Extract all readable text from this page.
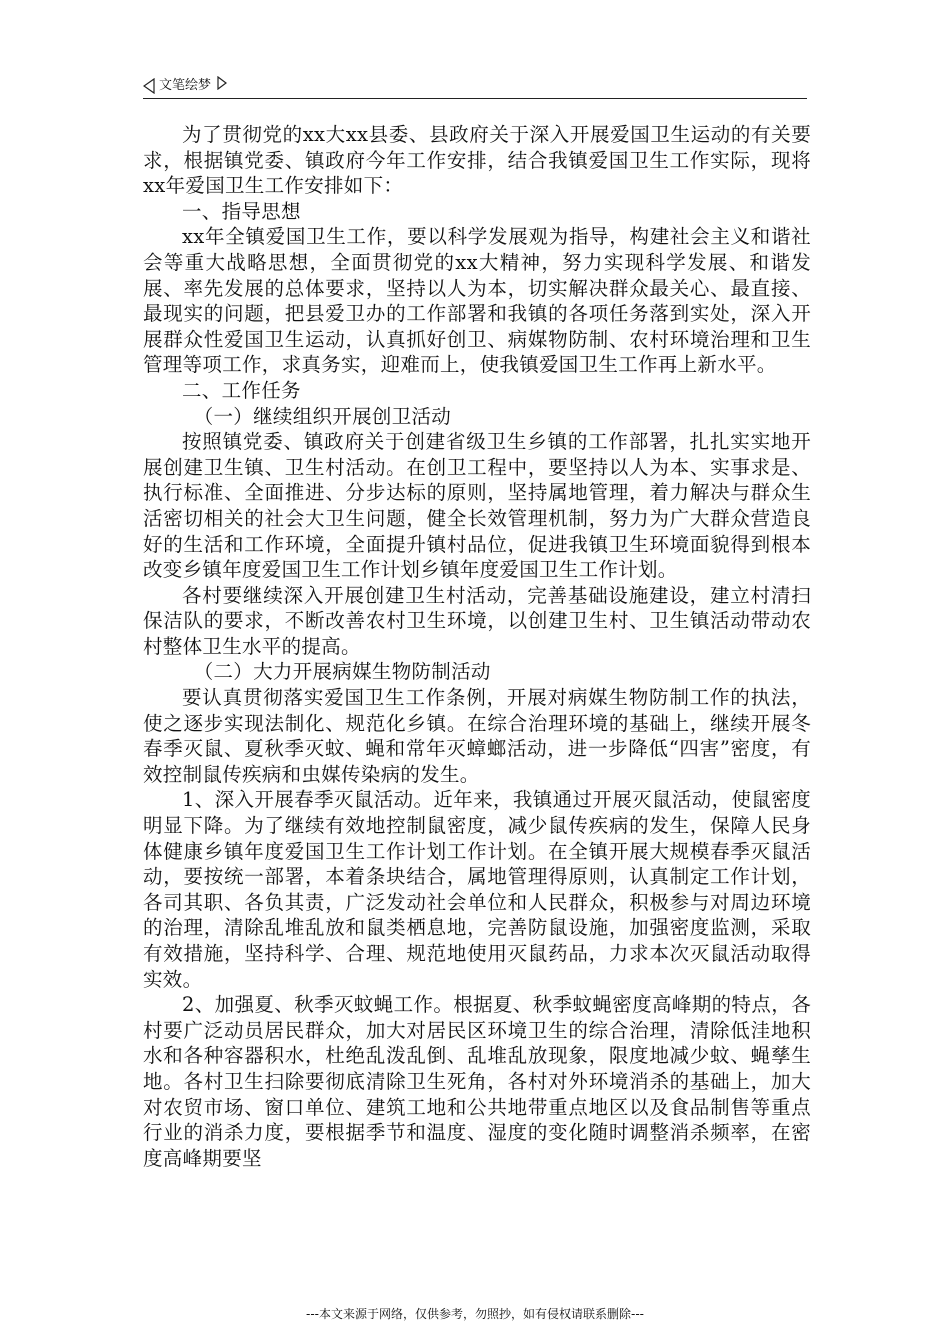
文笔绘梦

为了贯彻党的xx大xx县委、县政府关于深入开展爱国卫生运动的有关要求，根据镇党委、镇政府今年工作安排，结合我镇爱国卫生工作实际，现将xx年爱国卫生工作安排如下：

一、指导思想

xx年全镇爱国卫生工作，要以科学发展观为指导，构建社会主义和谐社会等重大战略思想，全面贯彻党的xx大精神，努力实现科学发展、和谐发展、率先发展的总体要求，坚持以人为本，切实解决群众最关心、最直接、最现实的问题，把县爱卫办的工作部署和我镇的各项任务落到实处，深入开展群众性爱国卫生运动，认真抓好创卫、病媒物防制、农村环境治理和卫生管理等项工作，求真务实，迎难而上，使我镇爱国卫生工作再上新水平。

二、工作任务

（一）继续组织开展创卫活动

按照镇党委、镇政府关于创建省级卫生乡镇的工作部署，扎扎实实地开展创建卫生镇、卫生村活动。在创卫工程中，要坚持以人为本、实事求是、执行标准、全面推进、分步达标的原则，坚持属地管理，着力解决与群众生活密切相关的社会大卫生问题，健全长效管理机制，努力为广大群众营造良好的生活和工作环境，全面提升镇村品位，促进我镇卫生环境面貌得到根本改变乡镇年度爱国卫生工作计划乡镇年度爱国卫生工作计划。

各村要继续深入开展创建卫生村活动，完善基础设施建设，建立村清扫保洁队的要求，不断改善农村卫生环境，以创建卫生村、卫生镇活动带动农村整体卫生水平的提高。

（二）大力开展病媒生物防制活动

要认真贯彻落实爱国卫生工作条例，开展对病媒生物防制工作的执法，使之逐步实现法制化、规范化乡镇。在综合治理环境的基础上，继续开展冬春季灭鼠、夏秋季灭蚊、蝇和常年灭蟑螂活动，进一步降低“四害”密度，有效控制鼠传疾病和虫媒传染病的发生。

1、深入开展春季灭鼠活动。近年来，我镇通过开展灭鼠活动，使鼠密度明显下降。为了继续有效地控制鼠密度，减少鼠传疾病的发生，保障人民身体健康乡镇年度爱国卫生工作计划工作计划。在全镇开展大规模春季灭鼠活动，要按统一部署，本着条块结合，属地管理得原则，认真制定工作计划，各司其职、各负其责，广泛发动社会单位和人民群众，积极参与对周边环境的治理，清除乱堆乱放和鼠类栖息地，完善防鼠设施，加强密度监测，采取有效措施，坚持科学、合理、规范地使用灭鼠药品，力求本次灭鼠活动取得实效。

2、加强夏、秋季灭蚊蝇工作。根据夏、秋季蚊蝇密度高峰期的特点，各村要广泛动员居民群众，加大对居民区环境卫生的综合治理，清除低洼地积水和各种容器积水，杜绝乱泼乱倒、乱堆乱放现象，限度地减少蚊、蝇孳生地。各村卫生扫除要彻底清除卫生死角，各村对外环境消杀的基础上，加大对农贸市场、窗口单位、建筑工地和公共地带重点地区以及食品制售等重点行业的消杀力度，要根据季节和温度、湿度的变化随时调整消杀频率，在密度高峰期要坚

---本文来源于网络，仅供参考，勿照抄，如有侵权请联系删除---
